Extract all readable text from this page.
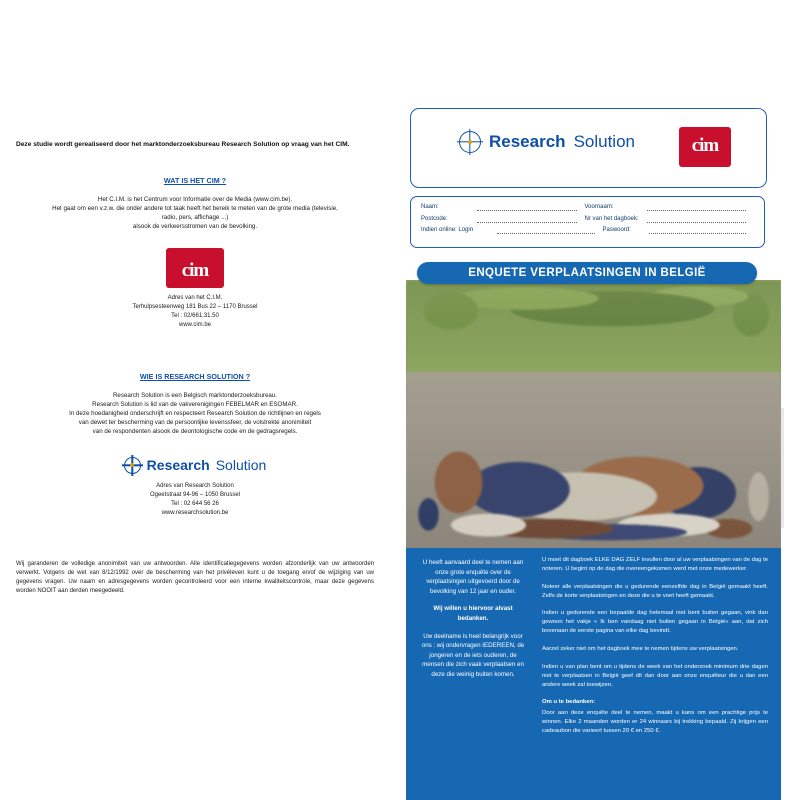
Deze studie wordt gerealiseerd door het marktonderzoeksbureau Research Solution op vraag van het CIM.
WAT IS HET CIM ?
Het C.I.M. is het Centrum voor Informatie over de Media (www.cim.be).
Het gaat om een v.z.w. die onder andere tot taak heeft het bereik te meten van de grote media (televisie, radio, pers, affichage ...)
alsook de verkeersstromen van de bevolking.
cim
Adres van het C.I.M.
Terhulpsesteenweg 181 Bus 22 – 1170 Brussel
Tel : 02/661.31.50
www.cim.be
WIE IS RESEARCH SOLUTION ?
Research Solution is een Belgisch marktonderzoeksbureau.
Research Solution is lid van de vakverenigingen FEBELMAR en ESOMAR.
In deze hoedanigheid onderschrijft en respecteert Research Solution de richtlijnen en regels
van dewet ter bescherming van de persoonlijke levenssfeer, de volstrekte anonimiteit
van de respondenten alsook de deontologische code en de gedragsregels.
Research Solution
Adres van Research Solution
Ogeetstraat 94-96 – 1050 Brussel
Tel : 02 644 56 26
www.researchsolution.be
Wij garanderen de volledige anonimiteit van uw antwoorden. Alle identificatiegegevens worden afzonderlijk van uw antwoorden verwerkt. Volgens de wet van 8/12/1992 over de bescherming van het privéleven kunt u de toegang en/of de wijziging van uw gegevens vragen. Uw naam en adresgegevens worden gecontroleerd voor een interne kwaliteitscontrole, maar deze gegevens worden NOOIT aan derden meegedeeld.
Research Solution	cim
Naam:	Voornaam:
Postcode:	Nr van het dagboek:
Indien online: Login	Paswoord:
ENQUETE VERPLAATSINGEN IN BELGIË

U heeft aanvaard deel te nemen aan onze grote enquête over de verplaatsingen uitgevoerd door de bevolking van 12 jaar en ouder.

Wij willen u hiervoor alvast bedanken.

Uw deelname is heel belangrijk voor ons : wij ondervragen IEDEREEN, de jongeren en de iets ouderen, de mensen die zich vaak verplaatsen en deze die weinig buiten komen.

U moet dit dagboek ELKE DAG ZELF invullen door al uw verplaatsingen van de dag te noteren. U begint op de dag die overeengekomen werd met onze medewerker.

Noteer alle verplaatsingen die u gedurende eenzelfde dag in België gemaakt heeft. Zelfs de korte verplaatsingen en deze die u te voet heeft gemaakt.

Indien u gedurende een bepaalde dag helemaal niet bent buiten gegaan, vink dan gewoon het vakje « Ik ben vandaag niet buiten gegaan in België» aan, dat zich bovenaan de eerste pagina van elke dag bevindt.

Aarzel zeker niet om het dagboek mee te nemen tijdens uw verplaatsingen.

Indien u van plan bent om u tijdens de week van het onderzoek minimum drie dagen niet te verplaatsen in België geef dit dan door aan onze enquêteur die u dan een andere week zal toewijzen.

Om u te bedanken:

Door aan deze enquête deel te nemen, maakt u kans om een prachtige prijs te winnen. Elke 2 maanden worden er 24 winnaars bij trekking bepaald. Zij krijgen een cadeaubon die varieert tussen 20 € en 250 €.
